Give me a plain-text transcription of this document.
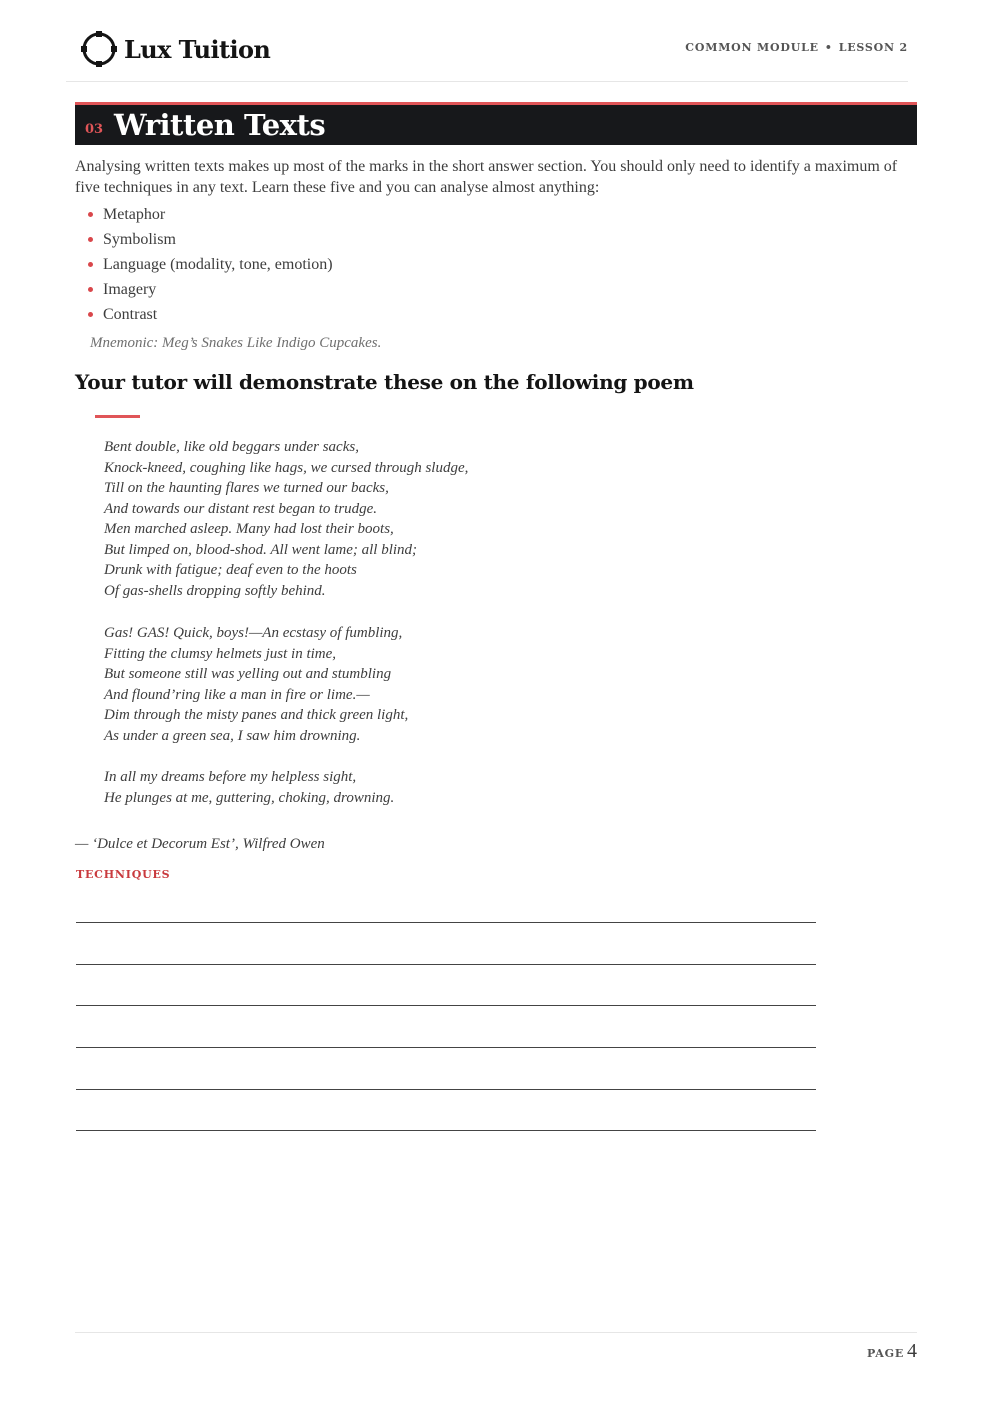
Lux Tuition	COMMON MODULE • LESSON 2
03 Written Texts

Analysing written texts makes up most of the marks in the short answer section. You should only need to identify a maximum of five techniques in any text. Learn these five and you can analyse almost anything:

Metaphor
Symbolism
Language (modality, tone, emotion)
Imagery
Contrast
Mnemonic: Meg’s Snakes Like Indigo Cupcakes.
Your tutor will demonstrate these on the following poem
Bent double, like old beggars under sacks,
Knock-kneed, coughing like hags, we cursed through sludge,
Till on the haunting flares we turned our backs,
And towards our distant rest began to trudge.
Men marched asleep. Many had lost their boots,
But limped on, blood-shod. All went lame; all blind;
Drunk with fatigue; deaf even to the hoots
Of gas-shells dropping softly behind.
Gas! GAS! Quick, boys!—An ecstasy of fumbling,
Fitting the clumsy helmets just in time,
But someone still was yelling out and stumbling
And flound’ring like a man in fire or lime.—
Dim through the misty panes and thick green light,
As under a green sea, I saw him drowning.
In all my dreams before my helpless sight,
He plunges at me, guttering, choking, drowning.
— ‘Dulce et Decorum Est’, Wilfred Owen
TECHNIQUES
PAGE 4
